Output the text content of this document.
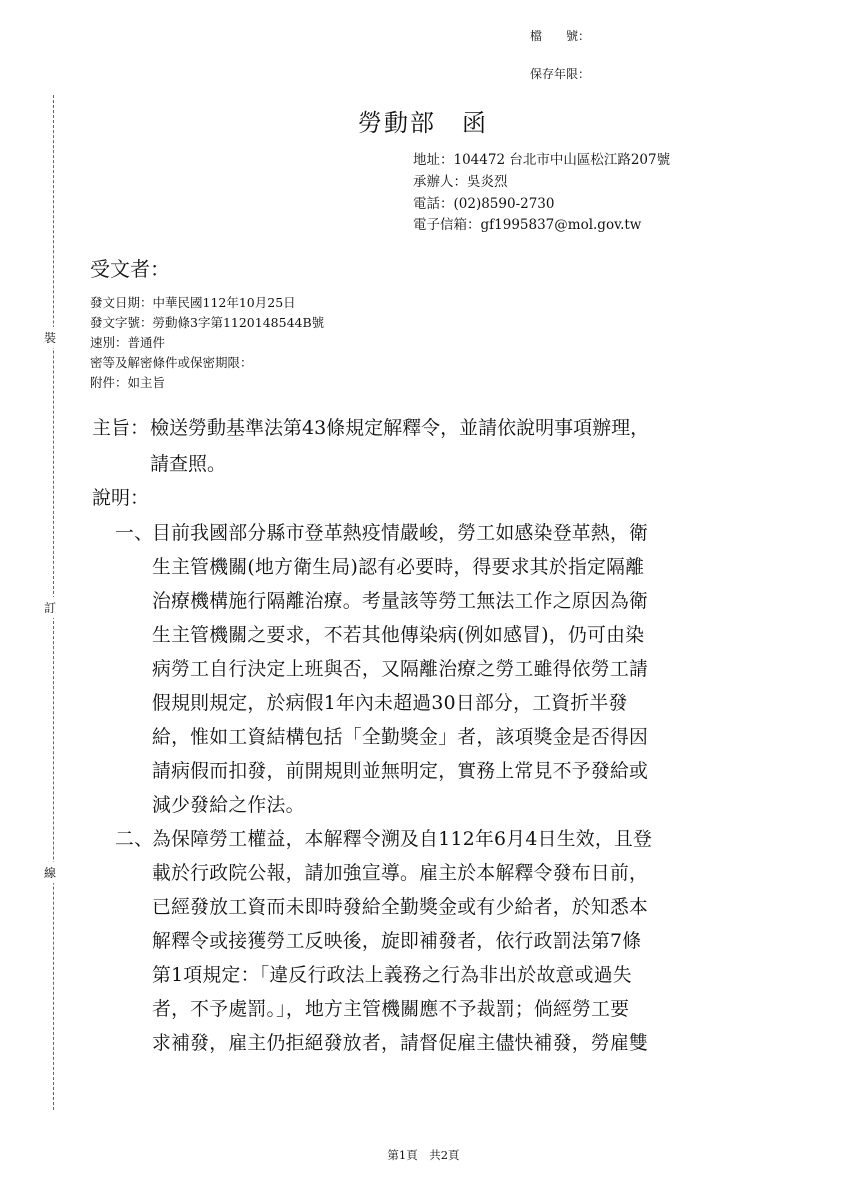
檔　　號：
保存年限：
裝
訂
線
勞動部　函
地址：104472 台北市中山區松江路207號
承辦人：吳炎烈
電話：(02)8590-2730
電子信箱：gf1995837@mol.gov.tw
受文者：
發文日期：中華民國112年10月25日
發文字號：勞動條3字第1120148544B號
速別：普通件
密等及解密條件或保密期限：
附件：如主旨
主旨： 檢送勞動基準法第43條規定解釋令，並請依說明事項辦理，
請查照。
說明：
一、
目前我國部分縣市登革熱疫情嚴峻，勞工如感染登革熱，衛
生主管機關(地方衛生局)認有必要時，得要求其於指定隔離
治療機構施行隔離治療。考量該等勞工無法工作之原因為衛
生主管機關之要求，不若其他傳染病(例如感冒)，仍可由染
病勞工自行決定上班與否，又隔離治療之勞工雖得依勞工請
假規則規定，於病假1年內未超過30日部分，工資折半發
給，惟如工資結構包括「全勤獎金」者，該項獎金是否得因
請病假而扣發，前開規則並無明定，實務上常見不予發給或
減少發給之作法。
二、
為保障勞工權益，本解釋令溯及自112年6月4日生效，且登
載於行政院公報，請加強宣導。雇主於本解釋令發布日前，
已經發放工資而未即時發給全勤獎金或有少給者，於知悉本
解釋令或接獲勞工反映後，旋即補發者，依行政罰法第7條
第1項規定：「違反行政法上義務之行為非出於故意或過失
者，不予處罰。」，地方主管機關應不予裁罰；倘經勞工要
求補發，雇主仍拒絕發放者，請督促雇主儘快補發，勞雇雙
第1頁　共2頁
